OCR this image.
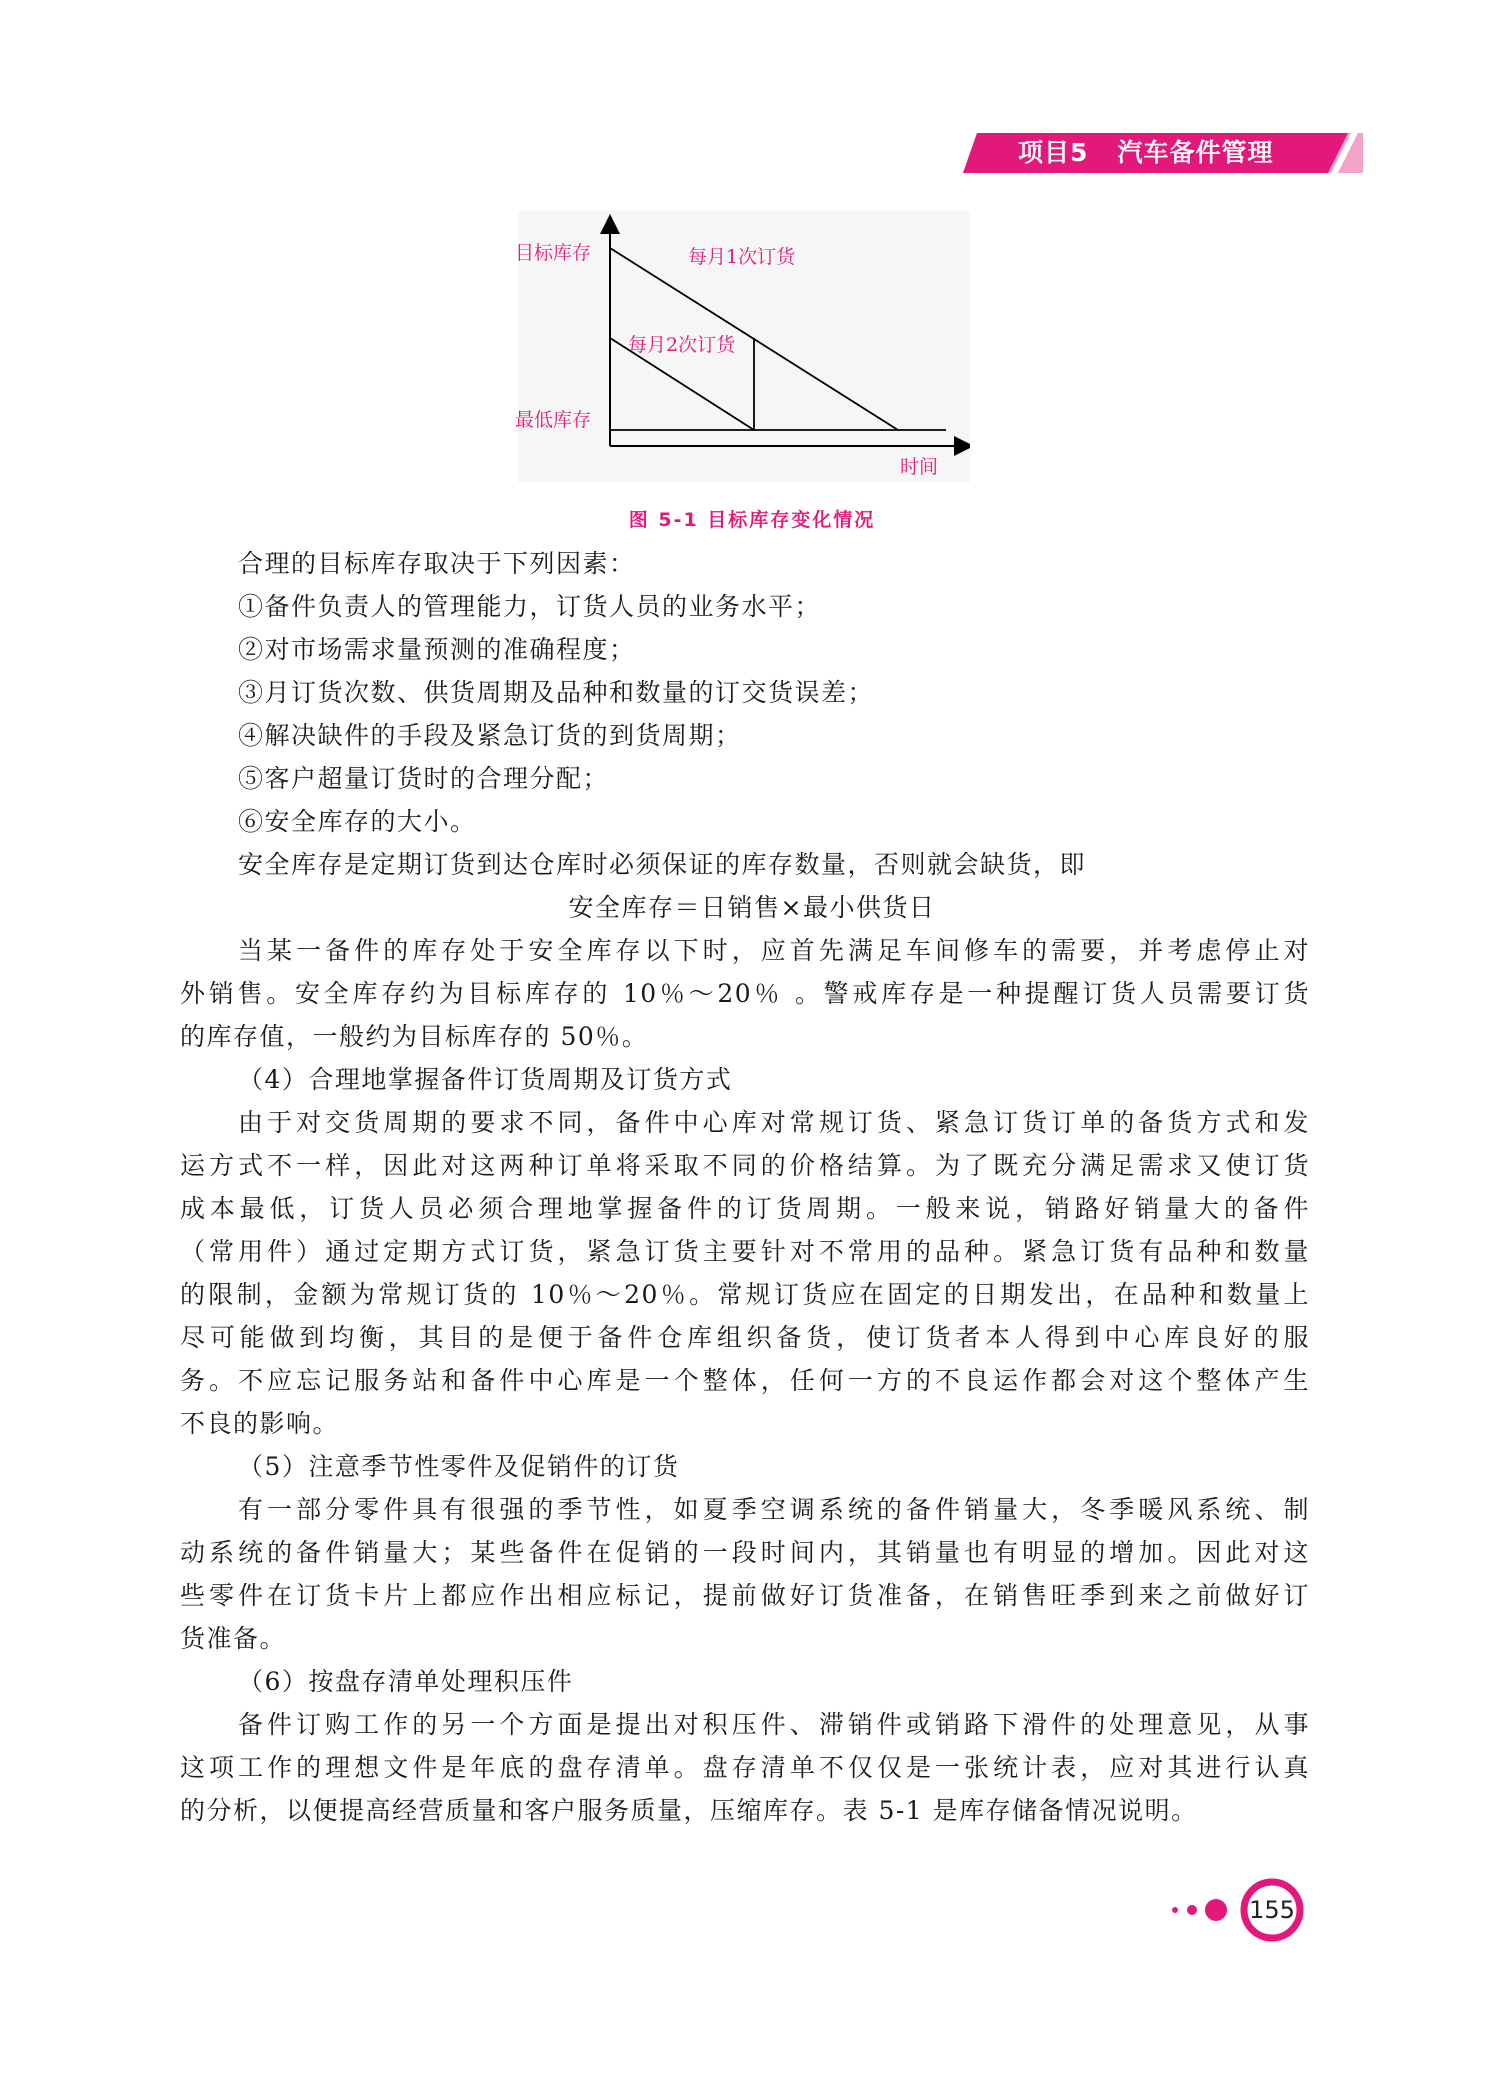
项目5   汽车备件管理
目标库存
最低库存
每月1次订货
每月2次订货
时间
图 5-1 目标库存变化情况
合理的目标库存取决于下列因素：
①备件负责人的管理能力，订货人员的业务水平；
②对市场需求量预测的准确程度；
③月订货次数、供货周期及品种和数量的订交货误差；
④解决缺件的手段及紧急订货的到货周期；
⑤客户超量订货时的合理分配；
⑥安全库存的大小。
安全库存是定期订货到达仓库时必须保证的库存数量，否则就会缺货，即
安全库存＝日销售×最小供货日
当某一备件的库存处于安全库存以下时，应首先满足车间修车的需要，并考虑停止对
外销售。安全库存约为目标库存的 10％～20％ 。警戒库存是一种提醒订货人员需要订货
的库存值，一般约为目标库存的 50％。
（4）合理地掌握备件订货周期及订货方式
由于对交货周期的要求不同，备件中心库对常规订货、紧急订货订单的备货方式和发
运方式不一样，因此对这两种订单将采取不同的价格结算。为了既充分满足需求又使订货
成本最低，订货人员必须合理地掌握备件的订货周期。一般来说，销路好销量大的备件
（常用件）通过定期方式订货，紧急订货主要针对不常用的品种。紧急订货有品种和数量
的限制，金额为常规订货的 10％～20％。常规订货应在固定的日期发出，在品种和数量上
尽可能做到均衡，其目的是便于备件仓库组织备货，使订货者本人得到中心库良好的服
务。不应忘记服务站和备件中心库是一个整体，任何一方的不良运作都会对这个整体产生
不良的影响。
（5）注意季节性零件及促销件的订货
有一部分零件具有很强的季节性，如夏季空调系统的备件销量大，冬季暖风系统、制
动系统的备件销量大；某些备件在促销的一段时间内，其销量也有明显的增加。因此对这
些零件在订货卡片上都应作出相应标记，提前做好订货准备，在销售旺季到来之前做好订
货准备。
（6）按盘存清单处理积压件
备件订购工作的另一个方面是提出对积压件、滞销件或销路下滑件的处理意见，从事
这项工作的理想文件是年底的盘存清单。盘存清单不仅仅是一张统计表，应对其进行认真
的分析，以便提高经营质量和客户服务质量，压缩库存。表 5-1 是库存储备情况说明。
155
